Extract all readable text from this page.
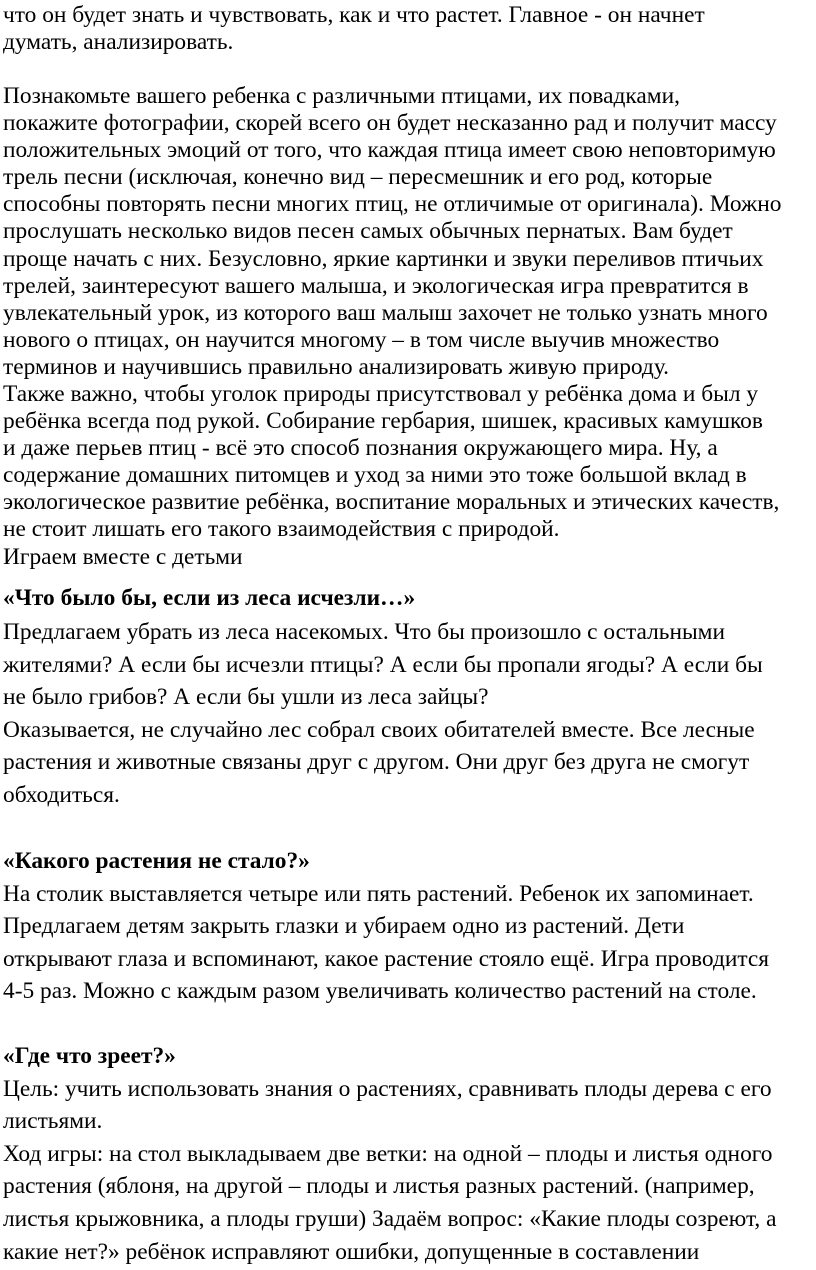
что он будет знать и чувствовать, как и что растет. Главное - он начнет
думать, анализировать.
Познакомьте вашего ребенка с различными птицами, их повадками,
покажите фотографии, скорей всего он будет несказанно рад и получит массу
положительных эмоций от того, что каждая птица имеет свою неповторимую
трель песни (исключая, конечно вид – пересмешник и его род, которые
способны повторять песни многих птиц, не отличимые от оригинала). Можно
прослушать несколько видов песен самых обычных пернатых. Вам будет
проще начать с них. Безусловно, яркие картинки и звуки переливов птичьих
трелей, заинтересуют вашего малыша, и экологическая игра превратится в
увлекательный урок, из которого ваш малыш захочет не только узнать много
нового о птицах, он научится многому – в том числе выучив множество
терминов и научившись правильно анализировать живую природу.
Также важно, чтобы уголок природы присутствовал у ребёнка дома и был у
ребёнка всегда под рукой. Собирание гербария, шишек, красивых камушков
и даже перьев птиц - всё это способ познания окружающего мира. Ну, а
содержание домашних питомцев и уход за ними это тоже большой вклад в
экологическое развитие ребёнка, воспитание моральных и этических качеств,
не стоит лишать его такого взаимодействия с природой.
Играем вместе с детьми
«Что было бы, если из леса исчезли…»
Предлагаем убрать из леса насекомых. Что бы произошло с остальными
жителями? А если бы исчезли птицы? А если бы пропали ягоды? А если бы
не было грибов? А если бы ушли из леса зайцы?
Оказывается, не случайно лес собрал своих обитателей вместе. Все лесные
растения и животные связаны друг с другом. Они друг без друга не смогут
обходиться.
«Какого растения не стало?»
На столик выставляется четыре или пять растений. Ребенок их запоминает.
Предлагаем детям закрыть глазки и убираем одно из растений. Дети
открывают глаза и вспоминают, какое растение стояло ещё. Игра проводится
4-5 раз. Можно с каждым разом увеличивать количество растений на столе.
«Где что зреет?»
Цель: учить использовать знания о растениях, сравнивать плоды дерева с его
листьями.
Ход игры: на стол выкладываем две ветки: на одной – плоды и листья одного
растения (яблоня, на другой – плоды и листья разных растений. (например,
листья крыжовника, а плоды груши) Задаём вопрос: «Какие плоды созреют, а
какие нет?» ребёнок исправляют ошибки, допущенные в составлении
